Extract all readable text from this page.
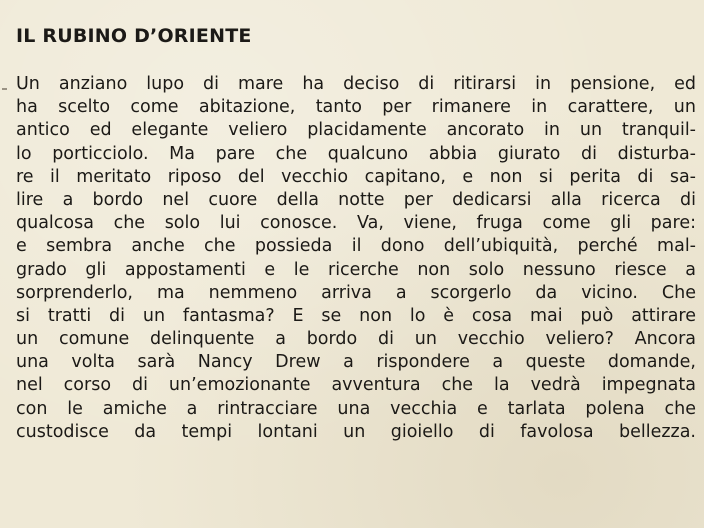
IL RUBINO D’ORIENTE
Un anziano lupo di mare ha deciso di ritirarsi in pensione, ed
ha scelto come abitazione, tanto per rimanere in carattere, un
antico ed elegante veliero placidamente ancorato in un tranquil-
lo porticciolo. Ma pare che qualcuno abbia giurato di disturba-
re il meritato riposo del vecchio capitano, e non si perita di sa-
lire a bordo nel cuore della notte per dedicarsi alla ricerca di
qualcosa che solo lui conosce. Va, viene, fruga come gli pare:
e sembra anche che possieda il dono dell’ubiquità, perché mal-
grado gli appostamenti e le ricerche non solo nessuno riesce a
sorprenderlo, ma nemmeno arriva a scorgerlo da vicino. Che
si tratti di un fantasma? E se non lo è cosa mai può attirare
un comune delinquente a bordo di un vecchio veliero? Ancora
una volta sarà Nancy Drew a rispondere a queste domande,
nel corso di un’emozionante avventura che la vedrà impegnata
con le amiche a rintracciare una vecchia e tarlata polena che
custodisce da tempi lontani un gioiello di favolosa bellezza.
